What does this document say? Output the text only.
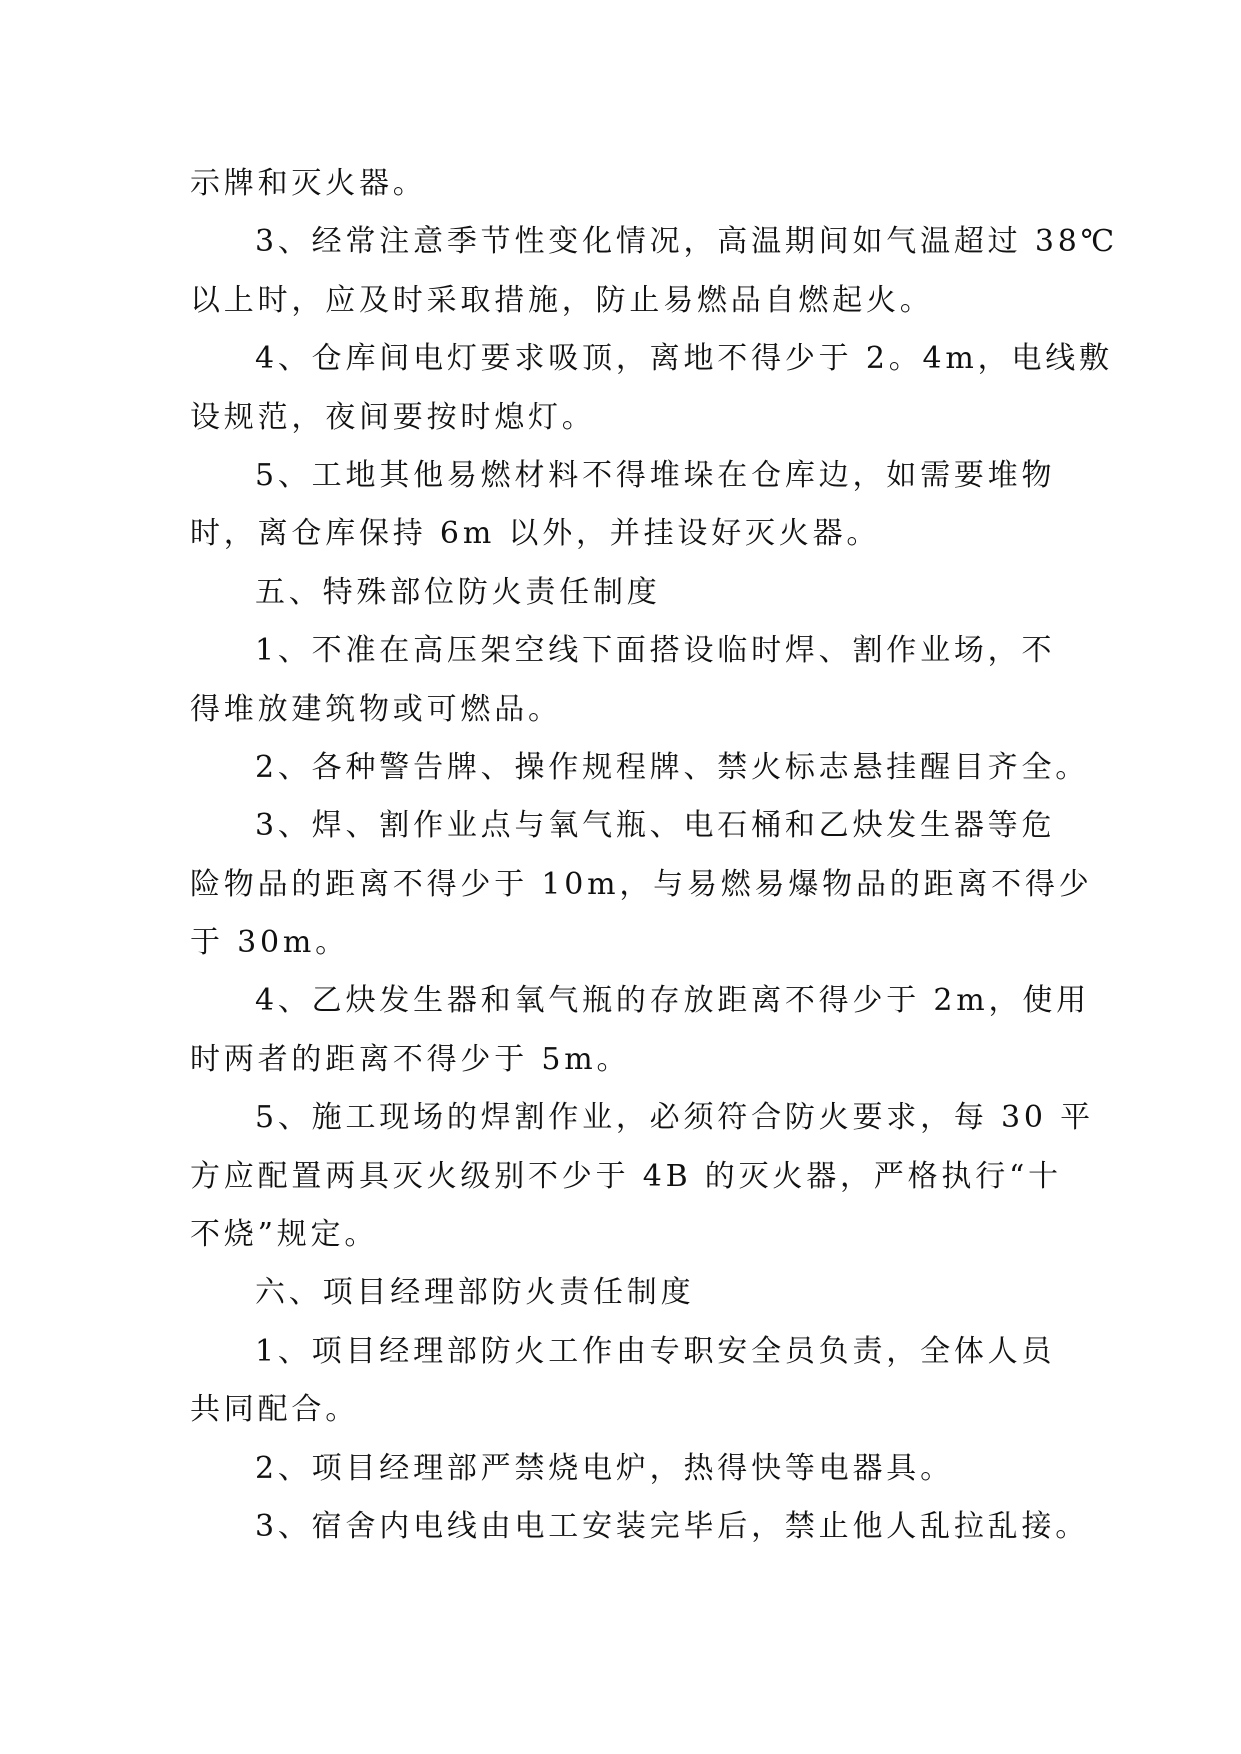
示牌和灭火器。
3、经常注意季节性变化情况，高温期间如气温超过 38℃
以上时，应及时采取措施，防止易燃品自燃起火。
4、仓库间电灯要求吸顶，离地不得少于 2。4m，电线敷
设规范，夜间要按时熄灯。
5、工地其他易燃材料不得堆垛在仓库边，如需要堆物
时，离仓库保持 6m 以外，并挂设好灭火器。
五、特殊部位防火责任制度
1、不准在高压架空线下面搭设临时焊、割作业场，不
得堆放建筑物或可燃品。
2、各种警告牌、操作规程牌、禁火标志悬挂醒目齐全。
3、焊、割作业点与氧气瓶、电石桶和乙炔发生器等危
险物品的距离不得少于 10m，与易燃易爆物品的距离不得少
于 30m。
4、乙炔发生器和氧气瓶的存放距离不得少于 2m，使用
时两者的距离不得少于 5m。
5、施工现场的焊割作业，必须符合防火要求，每 30 平
方应配置两具灭火级别不少于 4B 的灭火器，严格执行“十
不烧”规定。
六、项目经理部防火责任制度
1、项目经理部防火工作由专职安全员负责，全体人员
共同配合。
2、项目经理部严禁烧电炉，热得快等电器具。
3、宿舍内电线由电工安装完毕后，禁止他人乱拉乱接。
